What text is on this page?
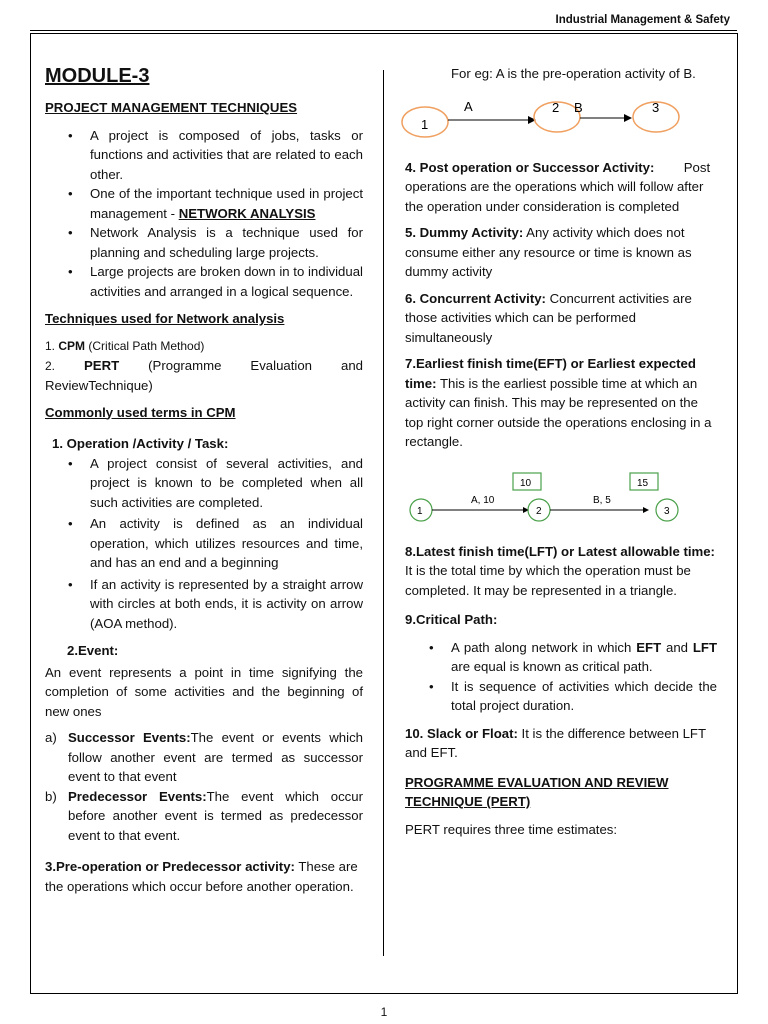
Industrial Management & Safety
MODULE-3
PROJECT MANAGEMENT TECHNIQUES
• A project is composed of jobs, tasks or functions and activities that are related to each other.
• One of the important technique used in project management - NETWORK ANALYSIS
• Network Analysis is a technique used for planning and scheduling large projects.
• Large projects are broken down in to individual activities and arranged in a logical sequence.
Techniques used for Network analysis
1. CPM (Critical Path Method)
2. PERT (Programme Evaluation and
ReviewTechnique)
Commonly used terms in CPM
1. Operation /Activity / Task:
• A project consist of several activities, and project is known to be completed when all such activities are completed.
• An activity is defined as an individual operation, which utilizes resources and time, and has an end and a beginning
• If an activity is represented by a straight arrow with circles at both ends, it is activity on arrow (AOA method).
2.Event:

An event represents a point in time signifying the completion of some activities and the beginning of new ones

a) Successor Events:The event or events which follow another event are termed as successor event to that event
b) Predecessor Events:The event which occur before another event is termed as predecessor event to that event.

3.Pre-operation or Predecessor activity: These are the operations which occur before another operation.

For eg: A is the pre-operation activity of B.
1
A	2 B	3

4. Post operation or Successor Activity: Post operations are the operations which will follow after the operation under consideration is completed

5. Dummy Activity: Any activity which does not consume either any resource or time is known as dummy activity

6. Concurrent Activity: Concurrent activities are those activities which can be performed simultaneously

7.Earliest finish time(EFT) or Earliest expected time: This is the earliest possible time at which an activity can finish. This may be represented on the top right corner outside the operations enclosing in a rectangle.

1
A, 10
10
2
B, 5
15
3

8.Latest finish time(LFT) or Latest allowable time: It is the total time by which the operation must be completed. It may be represented in a triangle.

9.Critical Path:
• A path along network in which EFT and LFT are equal is known as critical path.
• It is sequence of activities which decide the total project duration.

10. Slack or Float: It is the difference between LFT and EFT.

PROGRAMME EVALUATION AND REVIEW TECHNIQUE (PERT)

PERT requires three time estimates:

1
